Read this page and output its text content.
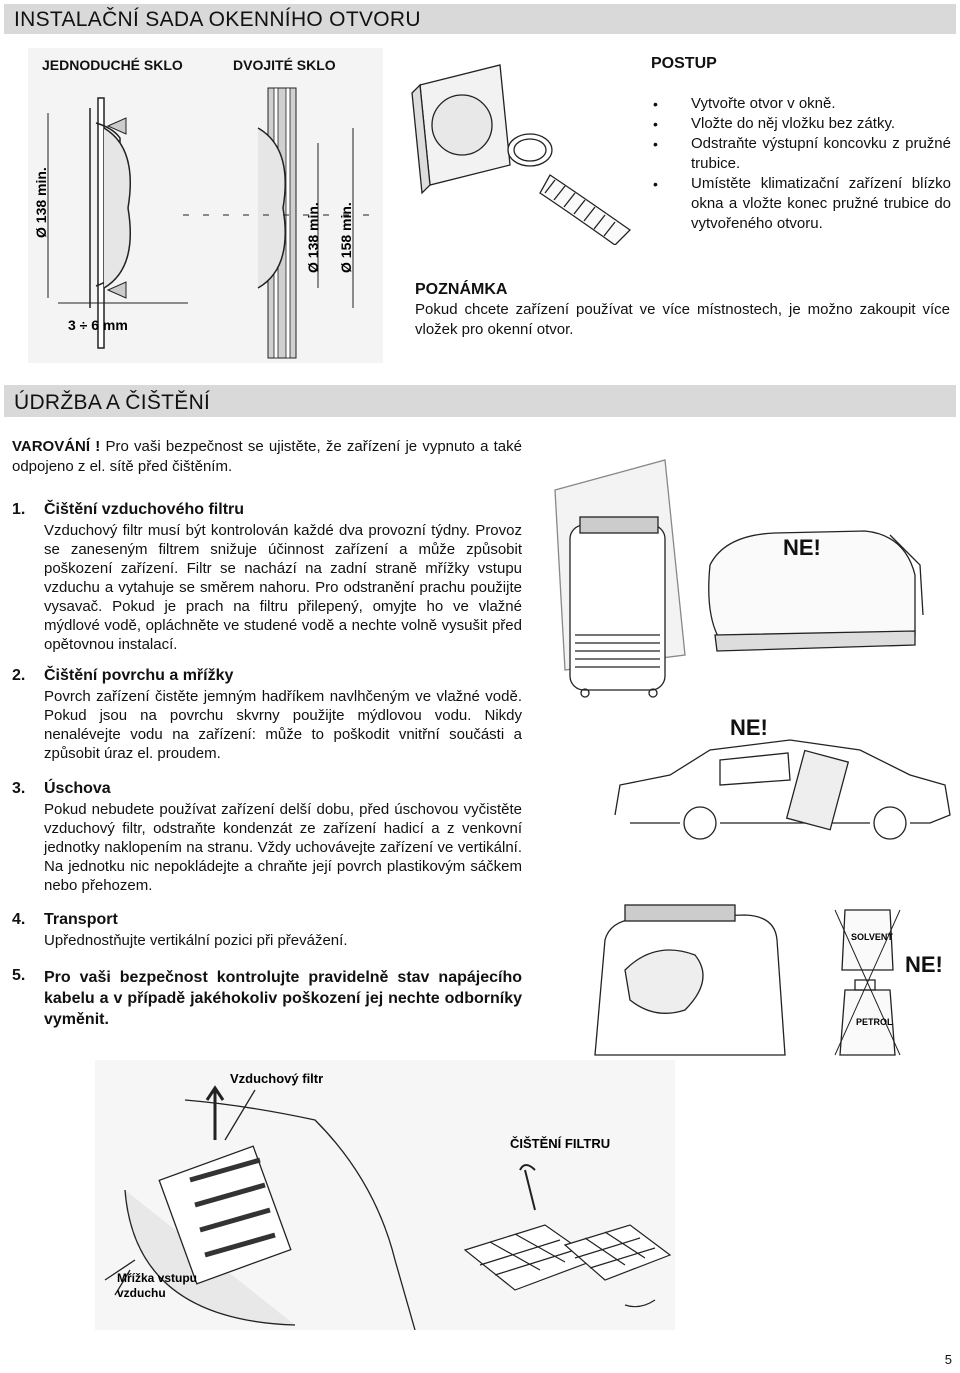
INSTALAČNÍ SADA OKENNÍHO OTVORU
JEDNODUCHÉ SKLO	DVOJITÉ SKLO
Ø 138 min.
3 ÷ 6 mm
Ø 138 min. Ø 158 min.
POSTUP
• Vytvořte otvor v okně.
• Vložte do něj vložku bez zátky.
• Odstraňte výstupní koncovku z pružné trubice.
• Umístěte klimatizační zařízení blízko okna a vložte konec pružné trubice do vytvořeného otvoru.
POZNÁMKA
Pokud chcete zařízení používat ve více místnostech, je možno zakoupit více vložek pro okenní otvor.
ÚDRŽBA A ČIŠTĚNÍ
VAROVÁNÍ ! Pro vaši bezpečnost se ujistěte, že zařízení je vypnuto a také odpojeno z el. sítě před čištěním.
1. Čištění vzduchového filtru
Vzduchový filtr musí být kontrolován každé dva provozní týdny. Provoz se zaneseným filtrem snižuje účinnost zařízení a může způsobit poškození zařízení. Filtr se nachází na zadní straně mřížky vstupu vzduchu a vytahuje se směrem nahoru. Pro odstranění prachu použijte vysavač. Pokud je prach na filtru přilepený, omyjte ho ve vlažné mýdlové vodě, opláchněte ve studené vodě a nechte volně vysušit před opětovnou instalací.
2. Čištění povrchu a mřížky
Povrch zařízení čistěte jemným hadříkem navlhčeným ve vlažné vodě. Pokud jsou na povrchu skvrny použijte mýdlovou vodu. Nikdy nenalévejte vodu na zařízení: může to poškodit vnitřní součásti a způsobit úraz el. proudem.
3. Úschova
Pokud nebudete používat zařízení delší dobu, před úschovou vyčistěte vzduchový filtr, odstraňte kondenzát ze zařízení hadicí a z venkovní jednotky naklopením na stranu. Vždy uchovávejte zařízení ve vertikální. Na jednotku nic nepokládejte a chraňte její povrch plastikovým sáčkem nebo přehozem.
4. Transport
Upřednostňujte vertikální pozici při převážení.
5. Pro vaši bezpečnost kontrolujte pravidelně stav napájecího kabelu a v případě jakéhokoliv poškození jej nechte odborníky vyměnit.
NE!
NE!
SOLVENT
PETROL
NE!
Vzduchový filtr
Mřížka vstupu
vzduchu
ČIŠTĚNÍ FILTRU
5
